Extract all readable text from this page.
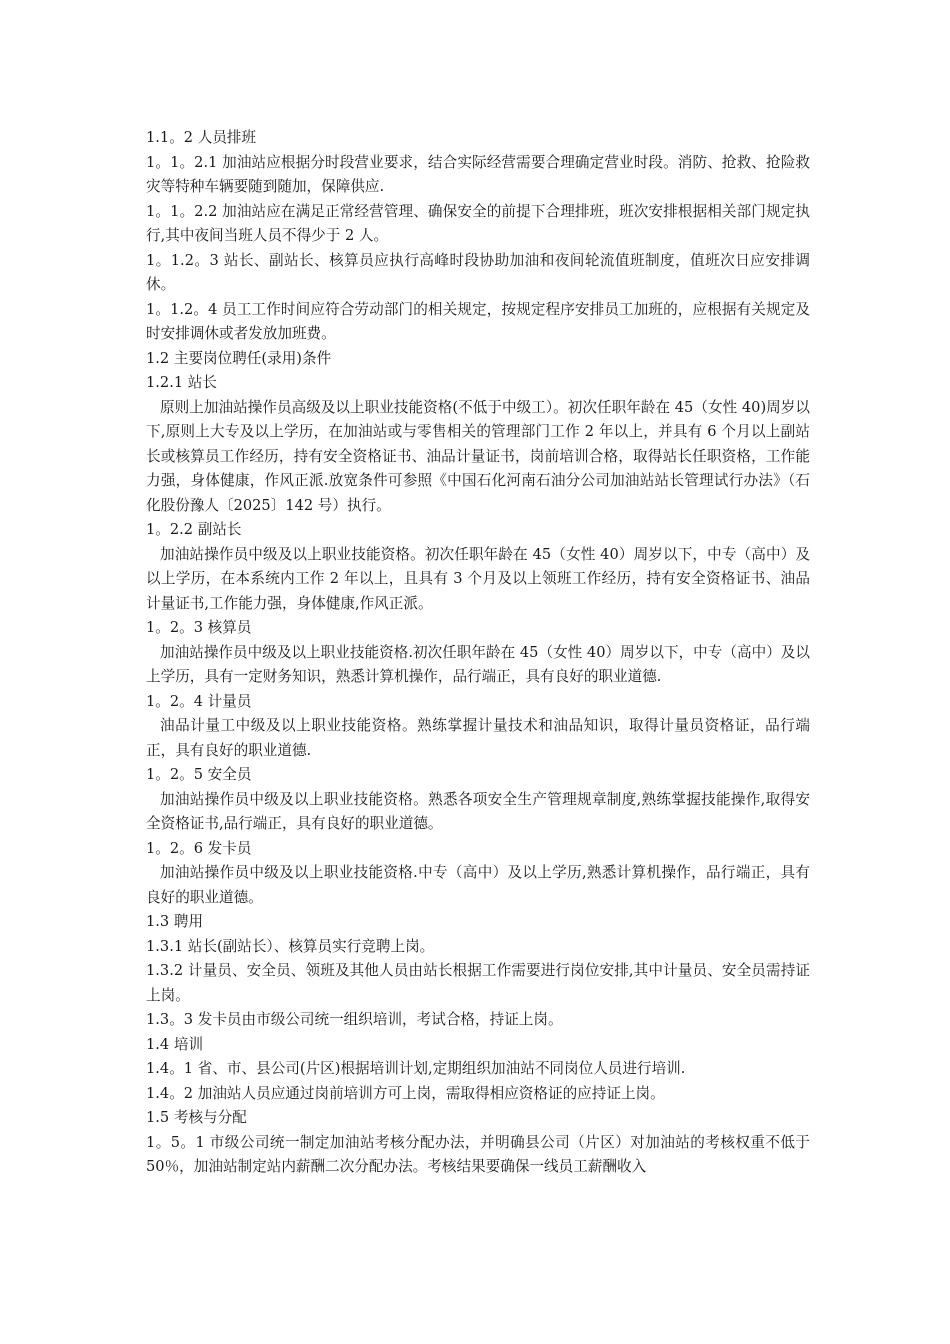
1.1。2 人员排班

1。1。2.1 加油站应根据分时段营业要求，结合实际经营需要合理确定营业时段。消防、抢救、抢险救灾等特种车辆要随到随加，保障供应.

1。1。2.2 加油站应在满足正常经营管理、确保安全的前提下合理排班，班次安排根据相关部门规定执行,其中夜间当班人员不得少于 2 人。

1。1.2。3 站长、副站长、核算员应执行高峰时段协助加油和夜间轮流值班制度，值班次日应安排调休。

1。1.2。4 员工工作时间应符合劳动部门的相关规定，按规定程序安排员工加班的，应根据有关规定及时安排调休或者发放加班费。

1.2 主要岗位聘任(录用)条件

1.2.1 站长

原则上加油站操作员高级及以上职业技能资格(不低于中级工）。初次任职年龄在 45（女性 40)周岁以下,原则上大专及以上学历，在加油站或与零售相关的管理部门工作 2 年以上，并具有 6 个月以上副站长或核算员工作经历，持有安全资格证书、油品计量证书，岗前培训合格，取得站长任职资格，工作能力强，身体健康，作风正派.放宽条件可参照《中国石化河南石油分公司加油站站长管理试行办法》（石化股份豫人〔2025〕142 号）执行。

1。2.2 副站长

加油站操作员中级及以上职业技能资格。初次任职年龄在 45（女性 40）周岁以下，中专（高中）及以上学历，在本系统内工作 2 年以上，且具有 3 个月及以上领班工作经历，持有安全资格证书、油品计量证书,工作能力强，身体健康,作风正派。

1。2。3 核算员

加油站操作员中级及以上职业技能资格.初次任职年龄在 45（女性 40）周岁以下，中专（高中）及以上学历，具有一定财务知识，熟悉计算机操作，品行端正，具有良好的职业道德.

1。2。4 计量员

油品计量工中级及以上职业技能资格。熟练掌握计量技术和油品知识，取得计量员资格证，品行端正，具有良好的职业道德.

1。2。5 安全员

加油站操作员中级及以上职业技能资格。熟悉各项安全生产管理规章制度,熟练掌握技能操作,取得安全资格证书,品行端正，具有良好的职业道德。

1。2。6 发卡员

加油站操作员中级及以上职业技能资格.中专（高中）及以上学历,熟悉计算机操作，品行端正，具有良好的职业道德。

1.3 聘用

1.3.1 站长(副站长）、核算员实行竞聘上岗。

1.3.2 计量员、安全员、领班及其他人员由站长根据工作需要进行岗位安排,其中计量员、安全员需持证上岗。

1.3。3 发卡员由市级公司统一组织培训，考试合格，持证上岗。

1.4 培训

1.4。1 省、市、县公司(片区)根据培训计划,定期组织加油站不同岗位人员进行培训.

1.4。2 加油站人员应通过岗前培训方可上岗，需取得相应资格证的应持证上岗。

1.5 考核与分配

1。5。1 市级公司统一制定加油站考核分配办法，并明确县公司（片区）对加油站的考核权重不低于 50％，加油站制定站内薪酬二次分配办法。考核结果要确保一线员工薪酬收入
